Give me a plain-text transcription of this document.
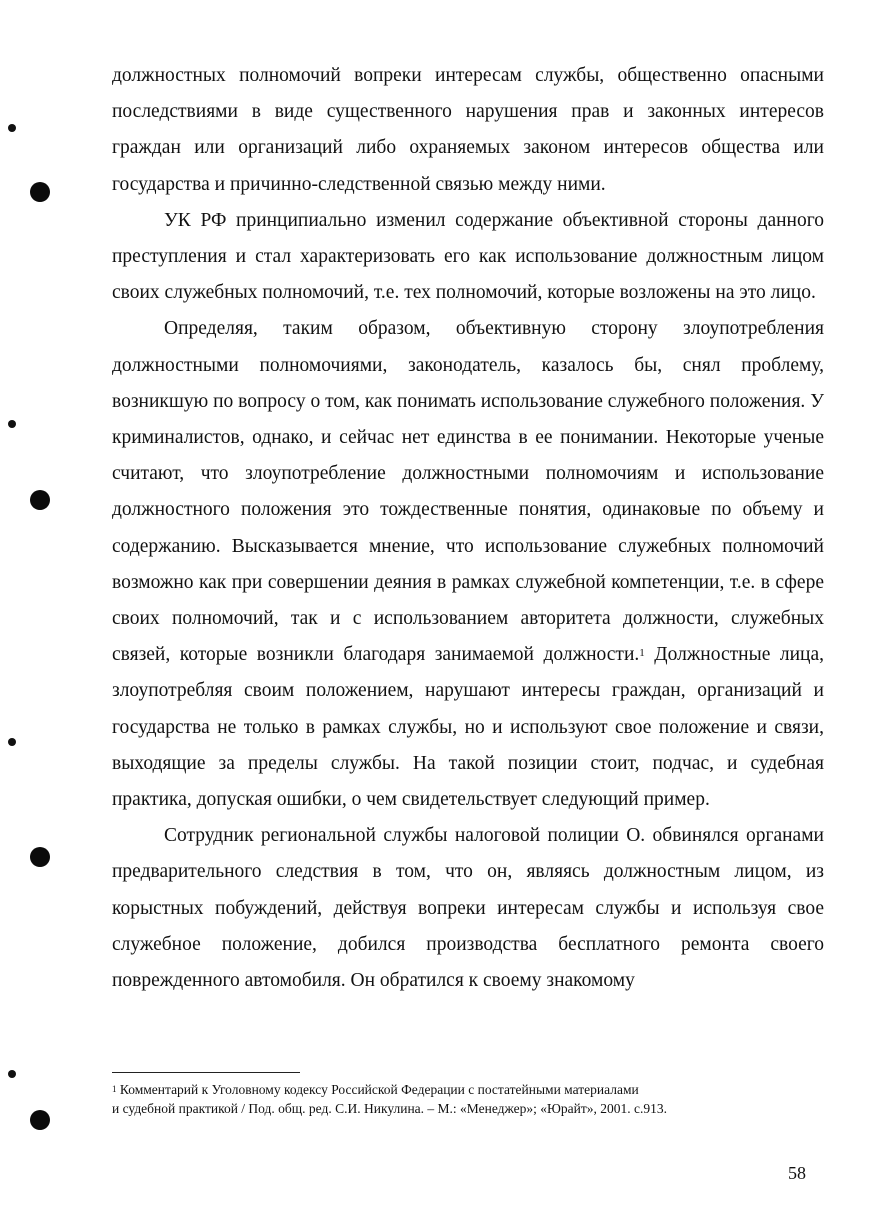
должностных полномочий вопреки интересам службы, общественно опасными последствиями в виде существенного нарушения прав и законных интересов граждан или организаций либо охраняемых законом интересов общества или государства и причинно-следственной связью между ними.

УК РФ принципиально изменил содержание объективной стороны данного преступления и стал характеризовать его как использование должностным лицом своих служебных полномочий, т.е. тех полномочий, которые возложены на это лицо.

Определяя, таким образом, объективную сторону злоупотребления должностными полномочиями, законодатель, казалось бы, снял проблему, возникшую по вопросу о том, как понимать использование служебного положения. У криминалистов, однако, и сейчас нет единства в ее понимании. Некоторые ученые считают, что злоупотребление должностными полномочиям и использование должностного положения это тождественные понятия, одинаковые по объему и содержанию. Высказывается мнение, что использование служебных полномочий возможно как при совершении деяния в рамках служебной компетенции, т.е. в сфере своих полномочий, так и с использованием авторитета должности, служебных связей, которые возникли благодаря занимаемой должности.$^1$ Должностные лица, злоупотребляя своим положением, нарушают интересы граждан, организаций и государства не только в рамках службы, но и используют свое положение и связи, выходящие за пределы службы. На такой позиции стоит, подчас, и судебная практика, допуская ошибки, о чем свидетельствует следующий пример.

Сотрудник региональной службы налоговой полиции О. обвинялся органами предварительного следствия в том, что он, являясь должностным лицом, из корыстных побуждений, действуя вопреки интересам службы и используя свое служебное положение, добился производства бесплатного ремонта своего поврежденного автомобиля. Он обратился к своему знакомому

$^1$ Комментарий к Уголовному кодексу Российской Федерации с постатейными материалами
и судебной практикой / Под. общ. ред. С.И. Никулина. – М.: «Менеджер»; «Юрайт», 2001. с.913.
58
